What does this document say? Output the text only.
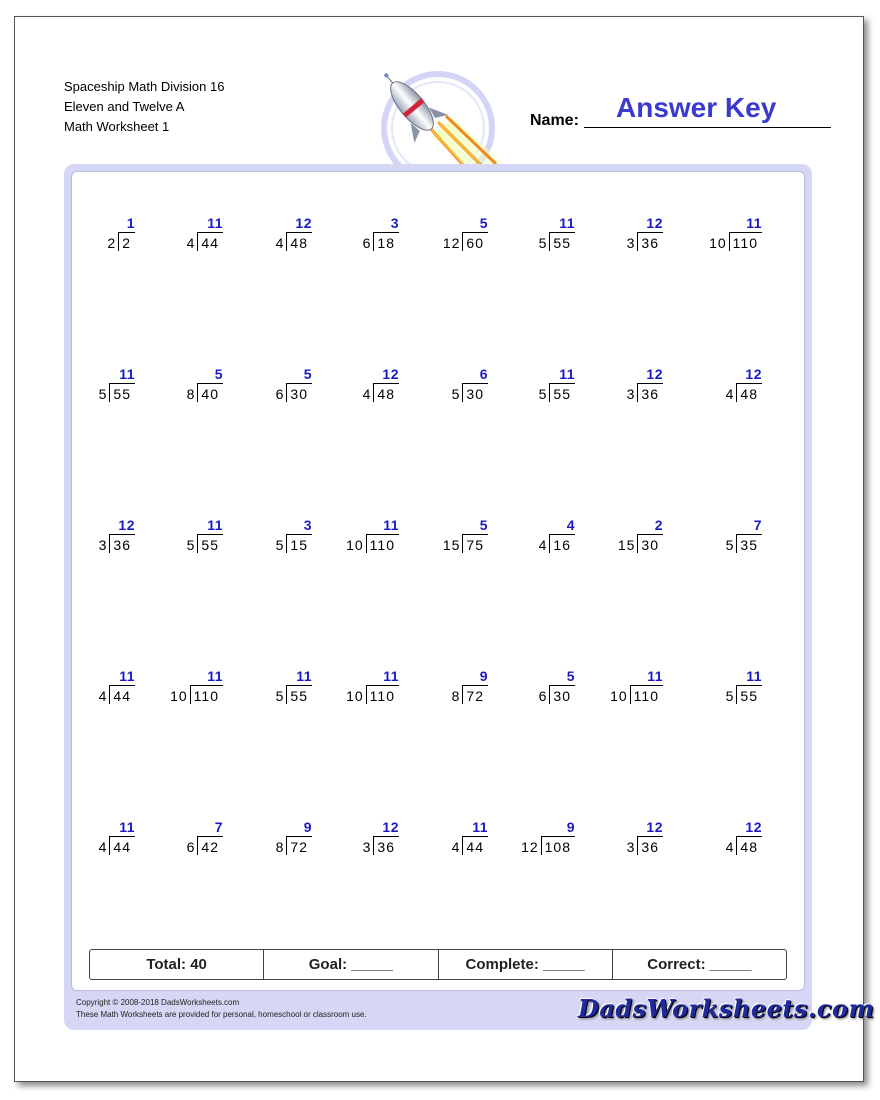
Spaceship Math Division 16
Eleven and Twelve A
Math Worksheet 1
Answer Key
Name:
1
2 2
11
4 44
12
4 48
3
6 18
5
12 60
11
5 55
12
3 36
11
10 110
11
5 55
5
8 40
5
6 30
12
4 48
6
5 30
11
5 55
12
3 36
12
4 48
12
3 36
11
5 55
3
5 15
11
10 110
5
15 75
4
4 16
2
15 30
7
5 35
11
4 44
11
10 110
11
5 55
11
10 110
9
8 72
5
6 30
11
10 110
11
5 55
11
4 44
7
6 42
9
8 72
12
3 36
11
4 44
9
12 108
12
3 36
12
4 48
Total: 40	Goal: _____	Complete: _____	Correct: _____
Copyright © 2008-2018 DadsWorksheets.com
These Math Worksheets are provided for personal, homeschool or classroom use.	DadsWorksheets.com
